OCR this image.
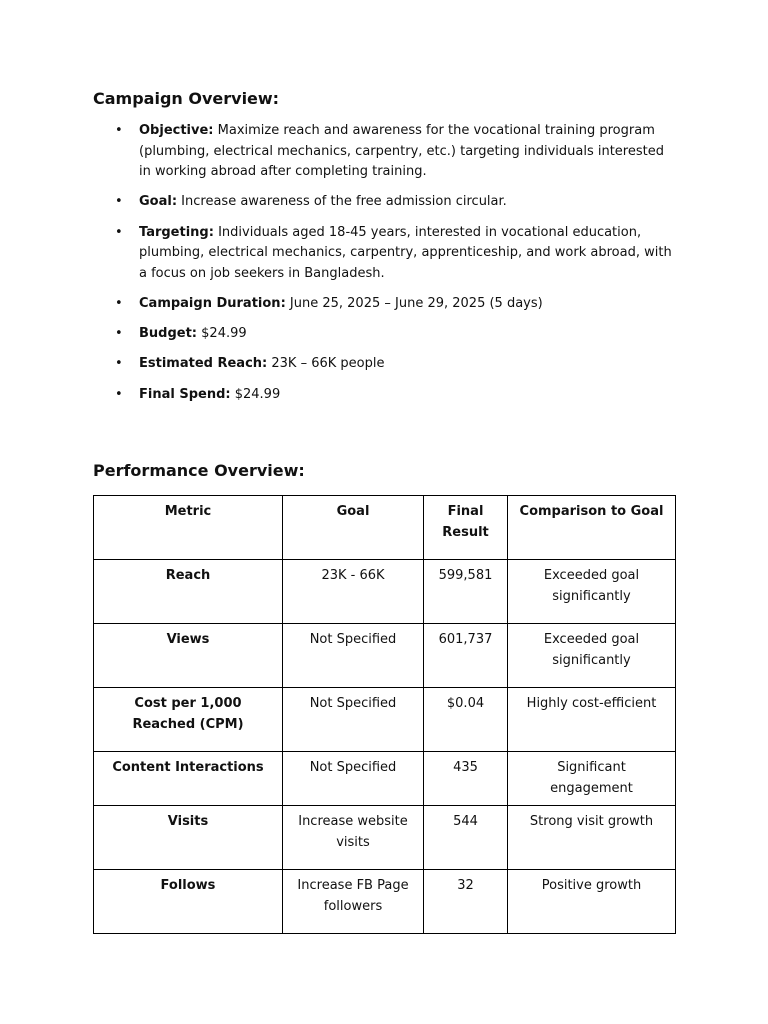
Campaign Overview:
• Objective: Maximize reach and awareness for the vocational training program (plumbing, electrical mechanics, carpentry, etc.) targeting individuals interested in working abroad after completing training.
• Goal: Increase awareness of the free admission circular.
• Targeting: Individuals aged 18-45 years, interested in vocational education, plumbing, electrical mechanics, carpentry, apprenticeship, and work abroad, with a focus on job seekers in Bangladesh.
• Campaign Duration: June 25, 2025 – June 29, 2025 (5 days)
• Budget: $24.99
• Estimated Reach: 23K – 66K people
• Final Spend: $24.99
Performance Overview:
Metric	Goal	Final Result	Comparison to Goal
Reach	23K - 66K	599,581	Exceeded goal significantly
Views	Not Specified	601,737	Exceeded goal significantly
Cost per 1,000 Reached (CPM)	Not Specified	$0.04	Highly cost-efficient
Content Interactions	Not Specified	435	Significant engagement
Visits	Increase website visits	544	Strong visit growth
Follows	Increase FB Page followers	32	Positive growth
